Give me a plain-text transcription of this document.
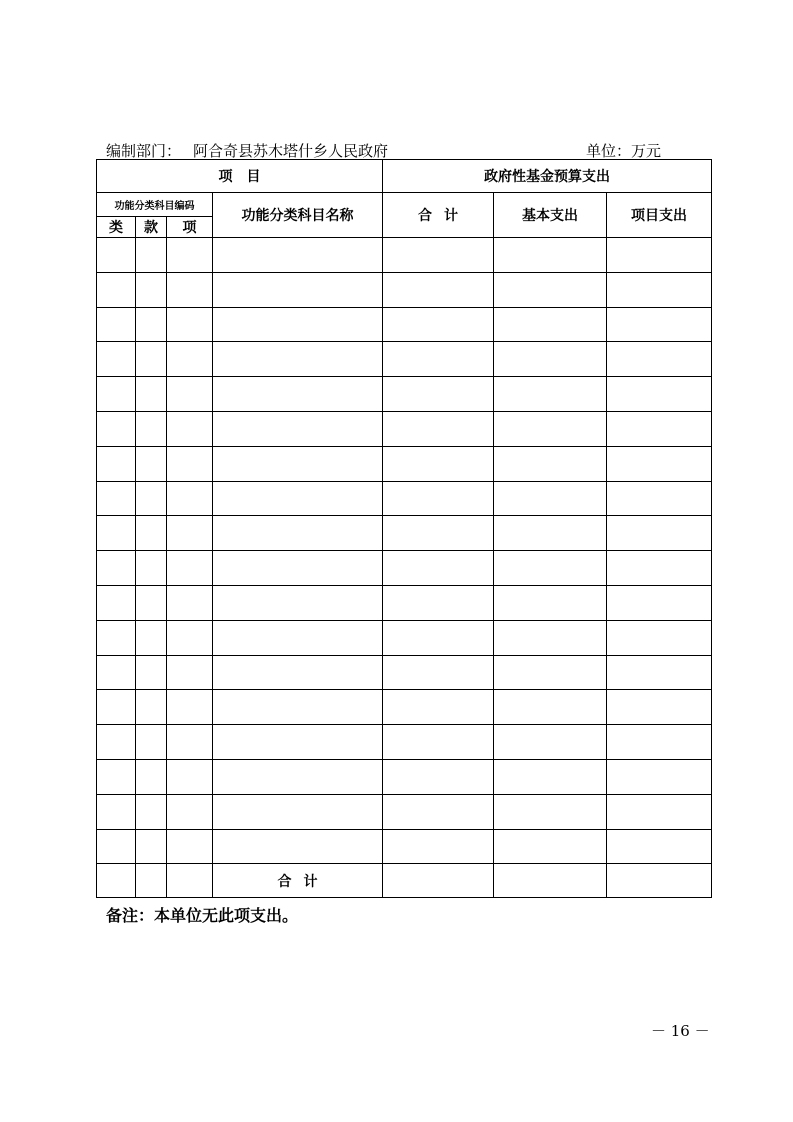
编制部门： 阿合奇县苏木塔什乡人民政府	单位：万元
项目				政府性基金预算支出		
功能分类科目编码			功能分类科目名称	合计	基本支出	项目支出
类	款	项				

			合计			
备注：本单位无此项支出。
－ 16 －
